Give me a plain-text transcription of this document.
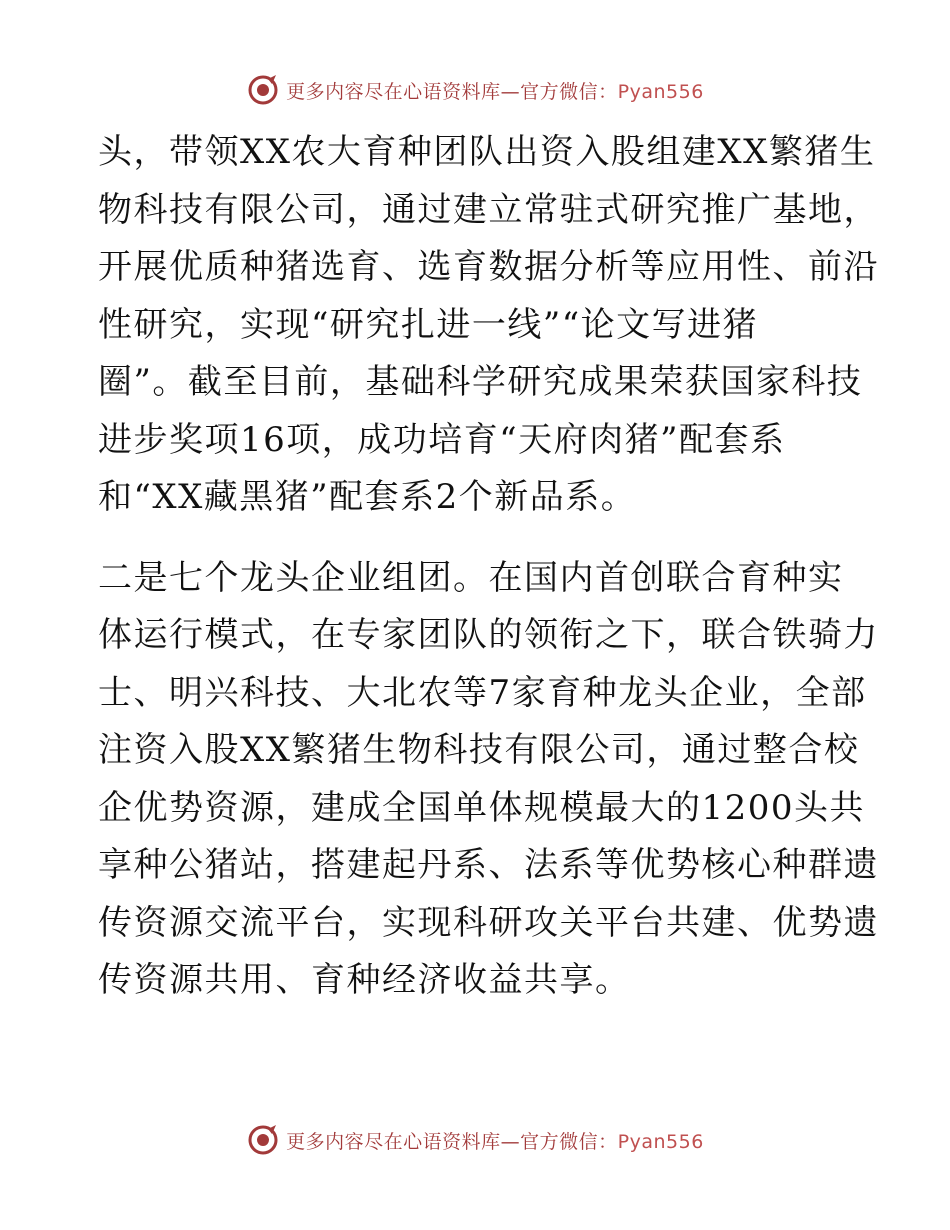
更多内容尽在心语资料库—官方微信：Pyan556

头，带领XX农大育种团队出资入股组建XX繁猪生
物科技有限公司，通过建立常驻式研究推广基地，
开展优质种猪选育、选育数据分析等应用性、前沿
性研究，实现“研究扎进一线”“论文写进猪
圈”。截至目前，基础科学研究成果荣获国家科技
进步奖项16项，成功培育“天府肉猪”配套系
和“XX藏黑猪”配套系2个新品系。

二是七个龙头企业组团。在国内首创联合育种实
体运行模式，在专家团队的领衔之下，联合铁骑力
士、明兴科技、大北农等7家育种龙头企业，全部
注资入股XX繁猪生物科技有限公司，通过整合校
企优势资源，建成全国单体规模最大的1200头共
享种公猪站，搭建起丹系、法系等优势核心种群遗
传资源交流平台，实现科研攻关平台共建、优势遗
传资源共用、育种经济收益共享。

更多内容尽在心语资料库—官方微信：Pyan556
